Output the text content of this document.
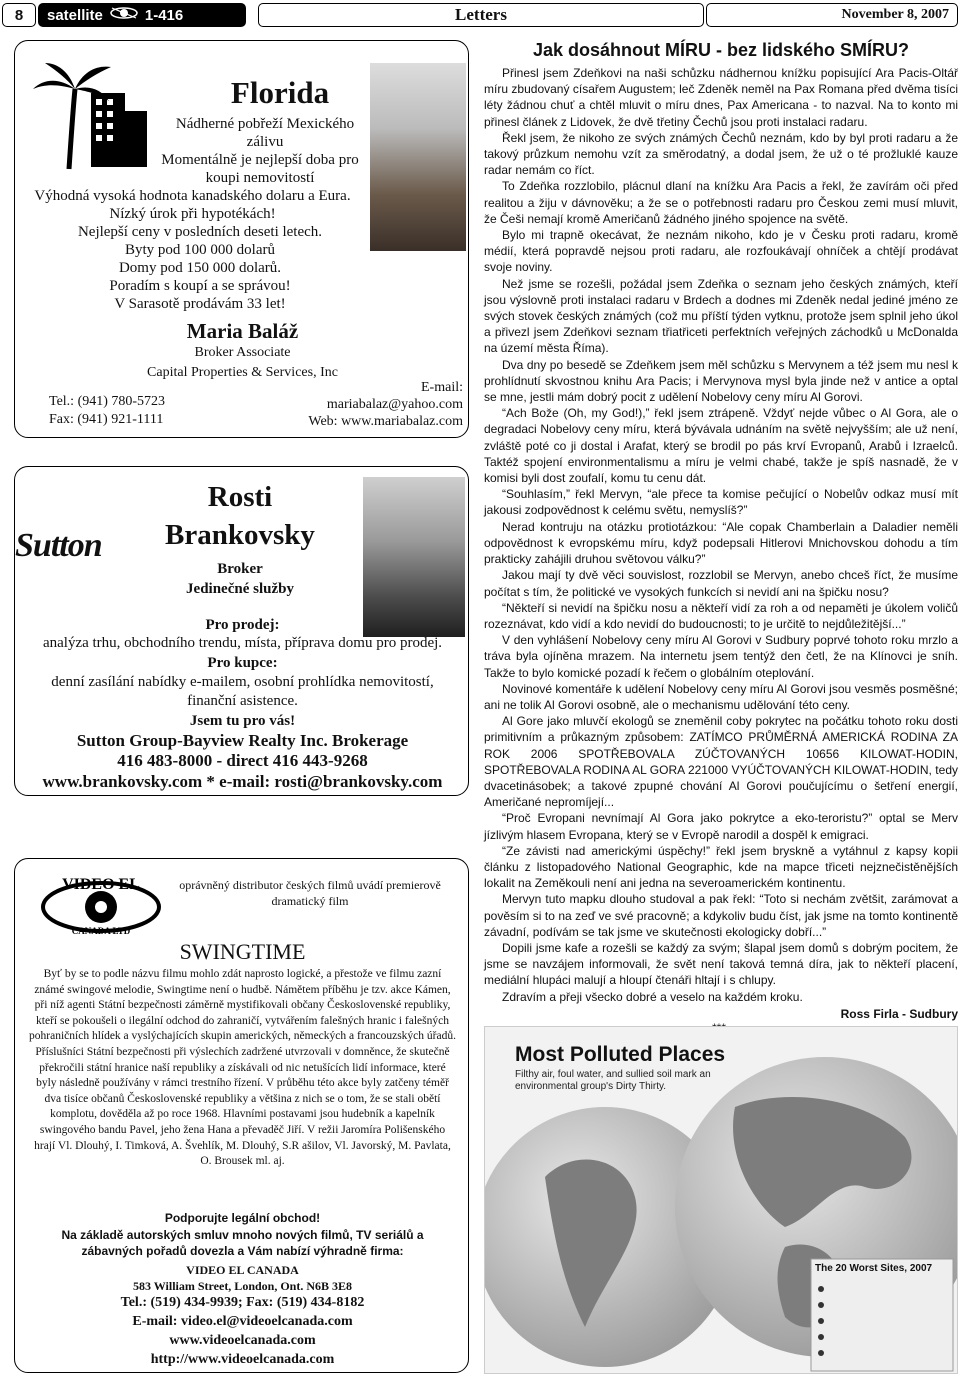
8	satellite	1-416	Letters	November 8, 2007
Florida
Nádherné pobřeží Mexického
zálivu
Momentálně je nejlepší doba pro
koupi nemovitostí
Výhodná vysoká hodnota kanadského dolaru a Eura.
Nízký úrok při hypotékách!
Nejlepší ceny v posledních deseti letech.
Byty pod 100 000 dolarů
Domy pod 150 000 dolarů.
Poradím s koupí a se správou!
V Sarasotě prodávám 33 let!
Maria Baláž
Broker Associate
Capital Properties & Services, Inc
Tel.: (941) 780-5723
Fax: (941) 921-1111
E-mail:
mariabalaz@yahoo.com
Web: www.mariabalaz.com
Sutton
Rosti
Brankovsky
Broker
Jedinečné služby
Pro prodej:
analýza trhu, obchodního trendu, místa, příprava domu pro prodej.
Pro kupce:
denní zasílání nabídky e-mailem, osobní prohlídka nemovitostí, finanční asistence.
Jsem tu pro vás!
Sutton Group-Bayview Realty Inc. Brokerage
416 483-8000 - direct 416 443-9268
www.brankovsky.com * e-mail: rosti@brankovsky.com
VIDEO EL
CANADA LTD
oprávněný distributor českých filmů uvádí premierově dramatický film
SWINGTIME
Byť by se to podle názvu filmu mohlo zdát naprosto logické, a přestože ve filmu zazní známé swingové melodie, Swingtime není o hudbě. Námětem příběhu je tzv. akce Kámen, při níž agenti Státní bezpečnosti záměrně mystifikovali občany Československé republiky, kteří se pokoušeli o ilegální odchod do zahraničí, vytvářením falešných hranic i falešných pohraničních hlídek a vyslýchajících skupin amerických, německých a francouzských úřadů. Příslušníci Státní bezpečnosti při výslechích zadržené utvrzovali v domněnce, že skutečně překročili státní hranice naší republiky a získávali od nic netušících lidí informace, které byly následně používány v rámci trestního řízení. V průběhu této akce byly zatčeny téměř dva tisíce občanů Československé republiky a většina z nich se o tom, že se stali obětí komplotu, dověděla až po roce 1968. Hlavními postavami jsou hudebník a kapelník swingového bandu Pavel, jeho žena Hana a převaděč Jiří. V režii Jaromíra Polišenského hrají Vl. Dlouhý, I. Timková, A. Švehlík, M. Dlouhý, S.R ašilov, Vl. Javorský, M. Pavlata, O. Brousek ml. aj.
Podporujte legální obchod!
Na základě autorských smluv mnoho nových filmů, TV seriálů a zábavných pořadů dovezla a Vám nabízí výhradně firma:
VIDEO EL CANADA
583 William Street, London, Ont. N6B 3E8
Tel.: (519) 434-9939; Fax: (519) 434-8182
E-mail: video.el@videoelcanada.com
www.videoelcanada.com
http://www.videoelcanada.com
Jak dosáhnout MÍRU - bez lidského SMÍRU?

Přinesl jsem Zdeňkovi na naši schůzku nádhernou knížku popisující Ara Pacis-Oltář míru zbudovaný císařem Augustem; leč Zdeněk neměl na Pax Romana před dvěma tisíci léty žádnou chuť a chtěl mluvit o míru dnes, Pax Americana - to nazval. Na to konto mi přinesl článek z Lidovek, že dvě třetiny Čechů jsou proti instalaci radaru.

Řekl jsem, že nikoho ze svých známých Čechů neznám, kdo by byl proti radaru a že takový průzkum nemohu vzít za směrodatný, a dodal jsem, že už o té prožluklé kauze radar nemám co říct.

To Zdeňka rozzlobilo, plácnul dlaní na knížku Ara Pacis a řekl, že zavírám oči před realitou a žiju v dávnověku; a že se o potřebnosti radaru pro Českou zemi musí mluvit, že Češi nemají kromě Američanů žádného jiného spojence na světě.

Bylo mi trapně okecávat, že neznám nikoho, kdo je v Česku proti radaru, kromě médií, která popravdě nejsou proti radaru, ale rozfoukávají ohníček a chtějí prodávat svoje noviny.

Než jsme se rozešli, požádal jsem Zdeňka o seznam jeho českých známých, kteří jsou výslovně proti instalaci radaru v Brdech a dodnes mi Zdeněk nedal jediné jméno ze svých stovek českých známých (což mu příští týden vytknu, protože jsem splnil jeho úkol a přivezl jsem Zdeňkovi seznam třiatřiceti perfektních veřejných záchodků u McDonalda na území města Říma).

Dva dny po besedě se Zdeňkem jsem měl schůzku s Mervynem a též jsem mu nesl k prohlídnutí skvostnou knihu Ara Pacis; i Mervynova mysl byla jinde než v antice a optal se mne, jestli mám dobrý pocit z udělení Nobelovy ceny míru Al Gorovi.

“Ach Bože (Oh, my God!),” řekl jsem ztrápeně. Vždyť nejde vůbec o Al Gora, ale o degradaci Nobelovy ceny míru, která bývávala udnáním na světě nejvyšším; ale už není, zvláště poté co ji dostal i Arafat, který se brodil po pás krví Evropanů, Arabů i Izraelců. Taktéž spojení environmentalismu a míru je velmi chabé, takže je spíš nasnadě, že v komisi byli dost zoufalí, komu tu cenu dát.

“Souhlasím,” řekl Mervyn, “ale přece ta komise pečující o Nobelův odkaz musí mít jakousi zodpovědnost k celému světu, nemyslíš?”

Nerad kontruju na otázku protiotázkou: “Ale copak Chamberlain a Daladier neměli odpovědnost k evropskému míru, když podepsali Hitlerovi Mnichovskou dohodu a tím prakticky zahájili druhou světovou válku?”

Jakou mají ty dvě věci souvislost, rozzlobil se Mervyn, anebo chceš říct, že musíme počítat s tím, že politické ve vysokých funkcích si nevidí ani na špičku nosu?

“Někteří si nevidí na špičku nosu a někteří vidí za roh a od nepaměti je úkolem voličů rozeznávat, kdo vidí a kdo nevidí do budoucnosti; to je určitě to nejdůležitější...”

V den vyhlášení Nobelovy ceny míru Al Gorovi v Sudbury poprvé tohoto roku mrzlo a tráva byla ojíněna mrazem. Na internetu jsem tentýž den četl, že na Klínovci je sníh. Takže to bylo komické pozadí k řečem o globálním oteplování.

Novinové komentáře k udělení Nobelovy ceny míru Al Gorovi jsou vesměs posměšné; ani ne tolik Al Gorovi osobně, ale o mechanismu udělování této ceny.

Al Gore jako mluvčí ekologů se zneměnil coby pokrytec na počátku tohoto roku dosti primitivním a průkazným způsobem: ZATÍMCO PRŮMĚRNÁ AMERICKÁ RODINA ZA ROK 2006 SPOTŘEBOVALA ZÚČTOVANÝCH 10656 KILOWAT-HODIN, SPOTŘEBOVALA RODINA AL GORA 221000 VYÚČTOVANÝCH KILOWAT-HODIN, tedy dvacetinásobek; a takové zpupné chování Al Gorovi poučujícímu o šetření energií, Američané nepromíjejí...

“Proč Evropani nevnímají Al Gora jako pokrytce a eko-teroristu?” optal se Merv jízlivým hlasem Evropana, který se v Evropě narodil a dospěl k emigraci.

“Ze závisti nad americkými úspěchy!” řekl jsem bryskně a vytáhnul z kapsy kopii článku z listopadového National Geographic, kde na mapce třiceti nejznečistěnějších lokalit na Zeměkouli není ani jedna na severoamerickém kontinentu.

Mervyn tuto mapku dlouho studoval a pak řekl: “Toto si nechám zvětšit, zarámovat a pověsím si to na zeď ve své pracovně; a kdykoliv budu číst, jak jsme na tomto kontinentě závadní, podívám se tak jsme ve skutečnosti ekologicky dobří...”

Dopili jsme kafe a rozešli se každý za svým; šlapal jsem domů s dobrým pocitem, že jsme se navzájem informovali, že svět není taková temná díra, jak to někteří placení, mediální hlupáci malují a hloupí čtenáři hltají i s chlupy.

Zdravím a přeji všecko dobré a veselo na každém kroku.

Ross Firla - Sudbury
Most Polluted Places
Filthy air, foul water, and sullied soil mark an environmental group's Dirty Thirty.
The 20 Worst Sites, 2007
